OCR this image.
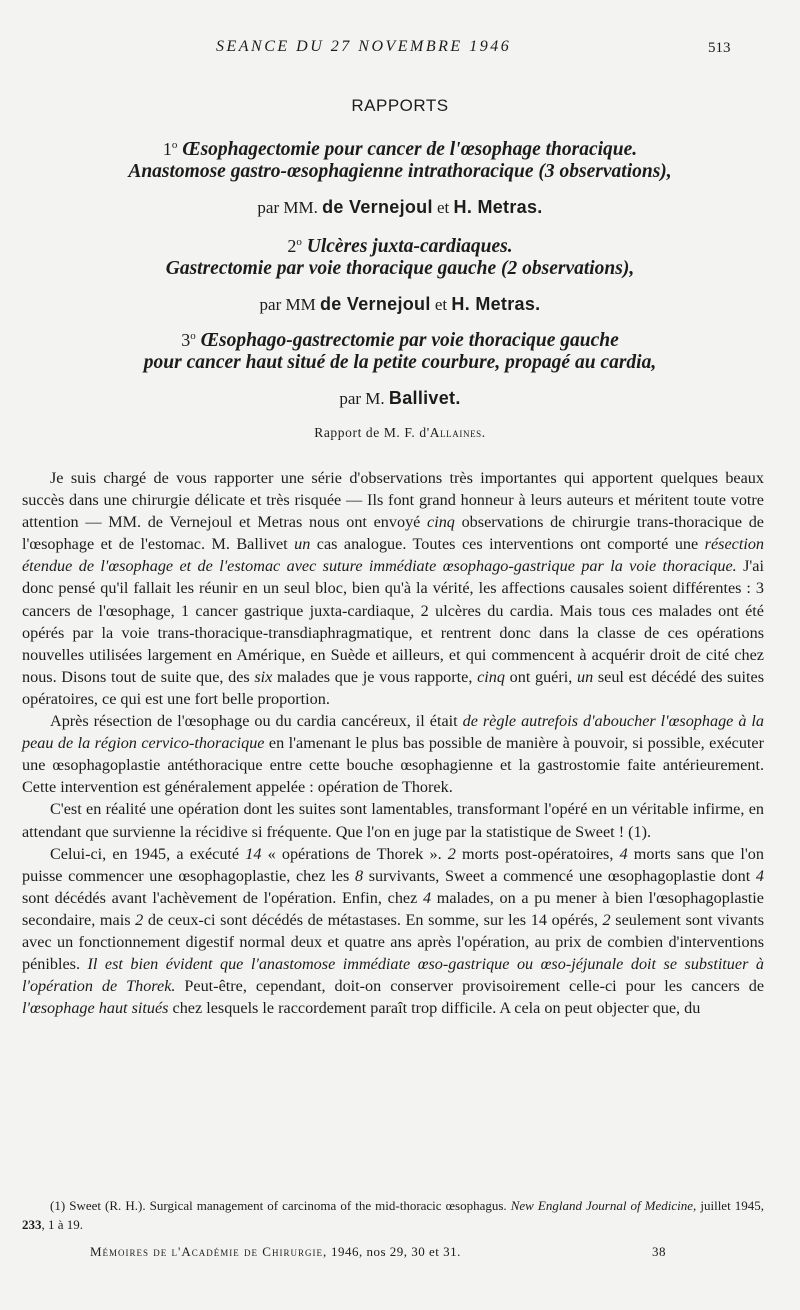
SEANCE DU 27 NOVEMBRE 1946	513
RAPPORTS

1$^o$ Œsophagectomie pour cancer de l'œsophage thoracique.
Anastomose gastro-œsophagienne intrathoracique (3 observations),

par MM. de Vernejoul et H. Metras.

2$^o$ Ulcères juxta-cardiaques.
Gastrectomie par voie thoracique gauche (2 observations),

par MM de Vernejoul et H. Metras.

3$^o$ Œsophago-gastrectomie par voie thoracique gauche
pour cancer haut situé de la petite courbure, propagé au cardia,

par M. Ballivet.
Rapport de M. F. d'Allaines.

Je suis chargé de vous rapporter une série d'observations très importantes qui apportent quelques beaux succès dans une chirurgie délicate et très risquée — Ils font grand honneur à leurs auteurs et méritent toute votre attention — MM. de Vernejoul et Metras nous ont envoyé cinq observations de chirurgie trans-thoracique de l'œsophage et de l'estomac. M. Ballivet un cas analogue. Toutes ces interventions ont comporté une résection étendue de l'œsophage et de l'estomac avec suture immédiate œsophago-gastrique par la voie thoracique. J'ai donc pensé qu'il fallait les réunir en un seul bloc, bien qu'à la vérité, les affections causales soient différentes : 3 cancers de l'œsophage, 1 cancer gastrique juxta-cardiaque, 2 ulcères du cardia. Mais tous ces malades ont été opérés par la voie trans-thoracique-transdiaphragmatique, et rentrent donc dans la classe de ces opérations nouvelles utilisées largement en Amérique, en Suède et ailleurs, et qui commencent à acquérir droit de cité chez nous. Disons tout de suite que, des six malades que je vous rapporte, cinq ont guéri, un seul est décédé des suites opératoires, ce qui est une fort belle proportion.

Après résection de l'œsophage ou du cardia cancéreux, il était de règle autrefois d'aboucher l'œsophage à la peau de la région cervico-thoracique en l'amenant le plus bas possible de manière à pouvoir, si possible, exécuter une œsophagoplastie antéthoracique entre cette bouche œsophagienne et la gastrostomie faite antérieurement. Cette intervention est généralement appelée : opération de Thorek.

C'est en réalité une opération dont les suites sont lamentables, transformant l'opéré en un véritable infirme, en attendant que survienne la récidive si fréquente. Que l'on en juge par la statistique de Sweet ! (1).

Celui-ci, en 1945, a exécuté 14 « opérations de Thorek ». 2 morts post-opératoires, 4 morts sans que l'on puisse commencer une œsophagoplastie, chez les 8 survivants, Sweet a commencé une œsophagoplastie dont 4 sont décédés avant l'achèvement de l'opération. Enfin, chez 4 malades, on a pu mener à bien l'œsophagoplastie secondaire, mais 2 de ceux-ci sont décédés de métastases. En somme, sur les 14 opérés, 2 seulement sont vivants avec un fonctionnement digestif normal deux et quatre ans après l'opération, au prix de combien d'interventions pénibles. Il est bien évident que l'anastomose immédiate œso-gastrique ou œso-jéjunale doit se substituer à l'opération de Thorek. Peut-être, cependant, doit-on conserver provisoirement celle-ci pour les cancers de l'œsophage haut situés chez lesquels le raccordement paraît trop difficile. A cela on peut objecter que, du

(1) Sweet (R. H.). Surgical management of carcinoma of the mid-thoracic œsophagus. New England Journal of Medicine, juillet 1945, 233, 1 à 19.
Mémoires de l'Académie de Chirurgie, 1946, nos 29, 30 et 31.	38
